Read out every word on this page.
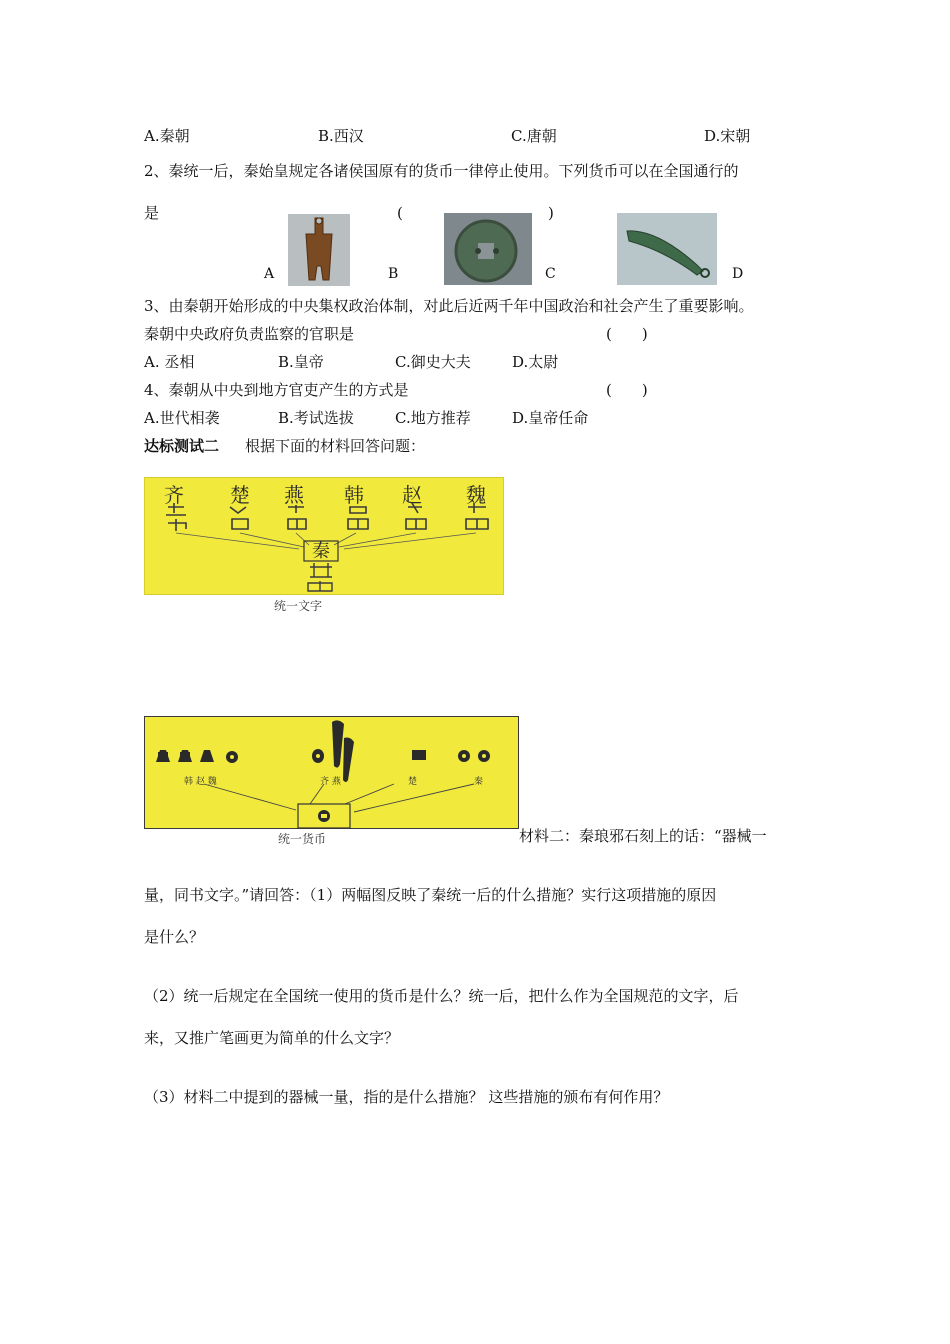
A.秦朝	B.西汉	C.唐朝	D.宋朝
2、秦统一后，秦始皇规定各诸侯国原有的货币一律停止使用。下列货币可以在全国通行的
是	(	)
A	B	C	D
3、由秦朝开始形成的中央集权政治体制，对此后近两千年中国政治和社会产生了重要影响。
秦朝中央政府负责监察的官职是	(　　)
A. 丞相	B.皇帝	C.御史大夫	D.太尉
4、秦朝从中央到地方官吏产生的方式是	(　　)
A.世代相袭	B.考试选拔	C.地方推荐	D.皇帝任命
达标测试二 根据下面的材料回答问题：
齐 楚 燕 韩 赵 魏
秦
统一文字
韩 赵 魏	齐 燕	楚	秦
统一货币	材料二：秦琅邪石刻上的话：“器械一
量，同书文字。”请回答：（1）两幅图反映了秦统一后的什么措施？实行这项措施的原因
是什么？
（2）统一后规定在全国统一使用的货币是什么？统一后，把什么作为全国规范的文字，后
来，又推广笔画更为简单的什么文字？
（3）材料二中提到的器械一量，指的是什么措施？ 这些措施的颁布有何作用？
